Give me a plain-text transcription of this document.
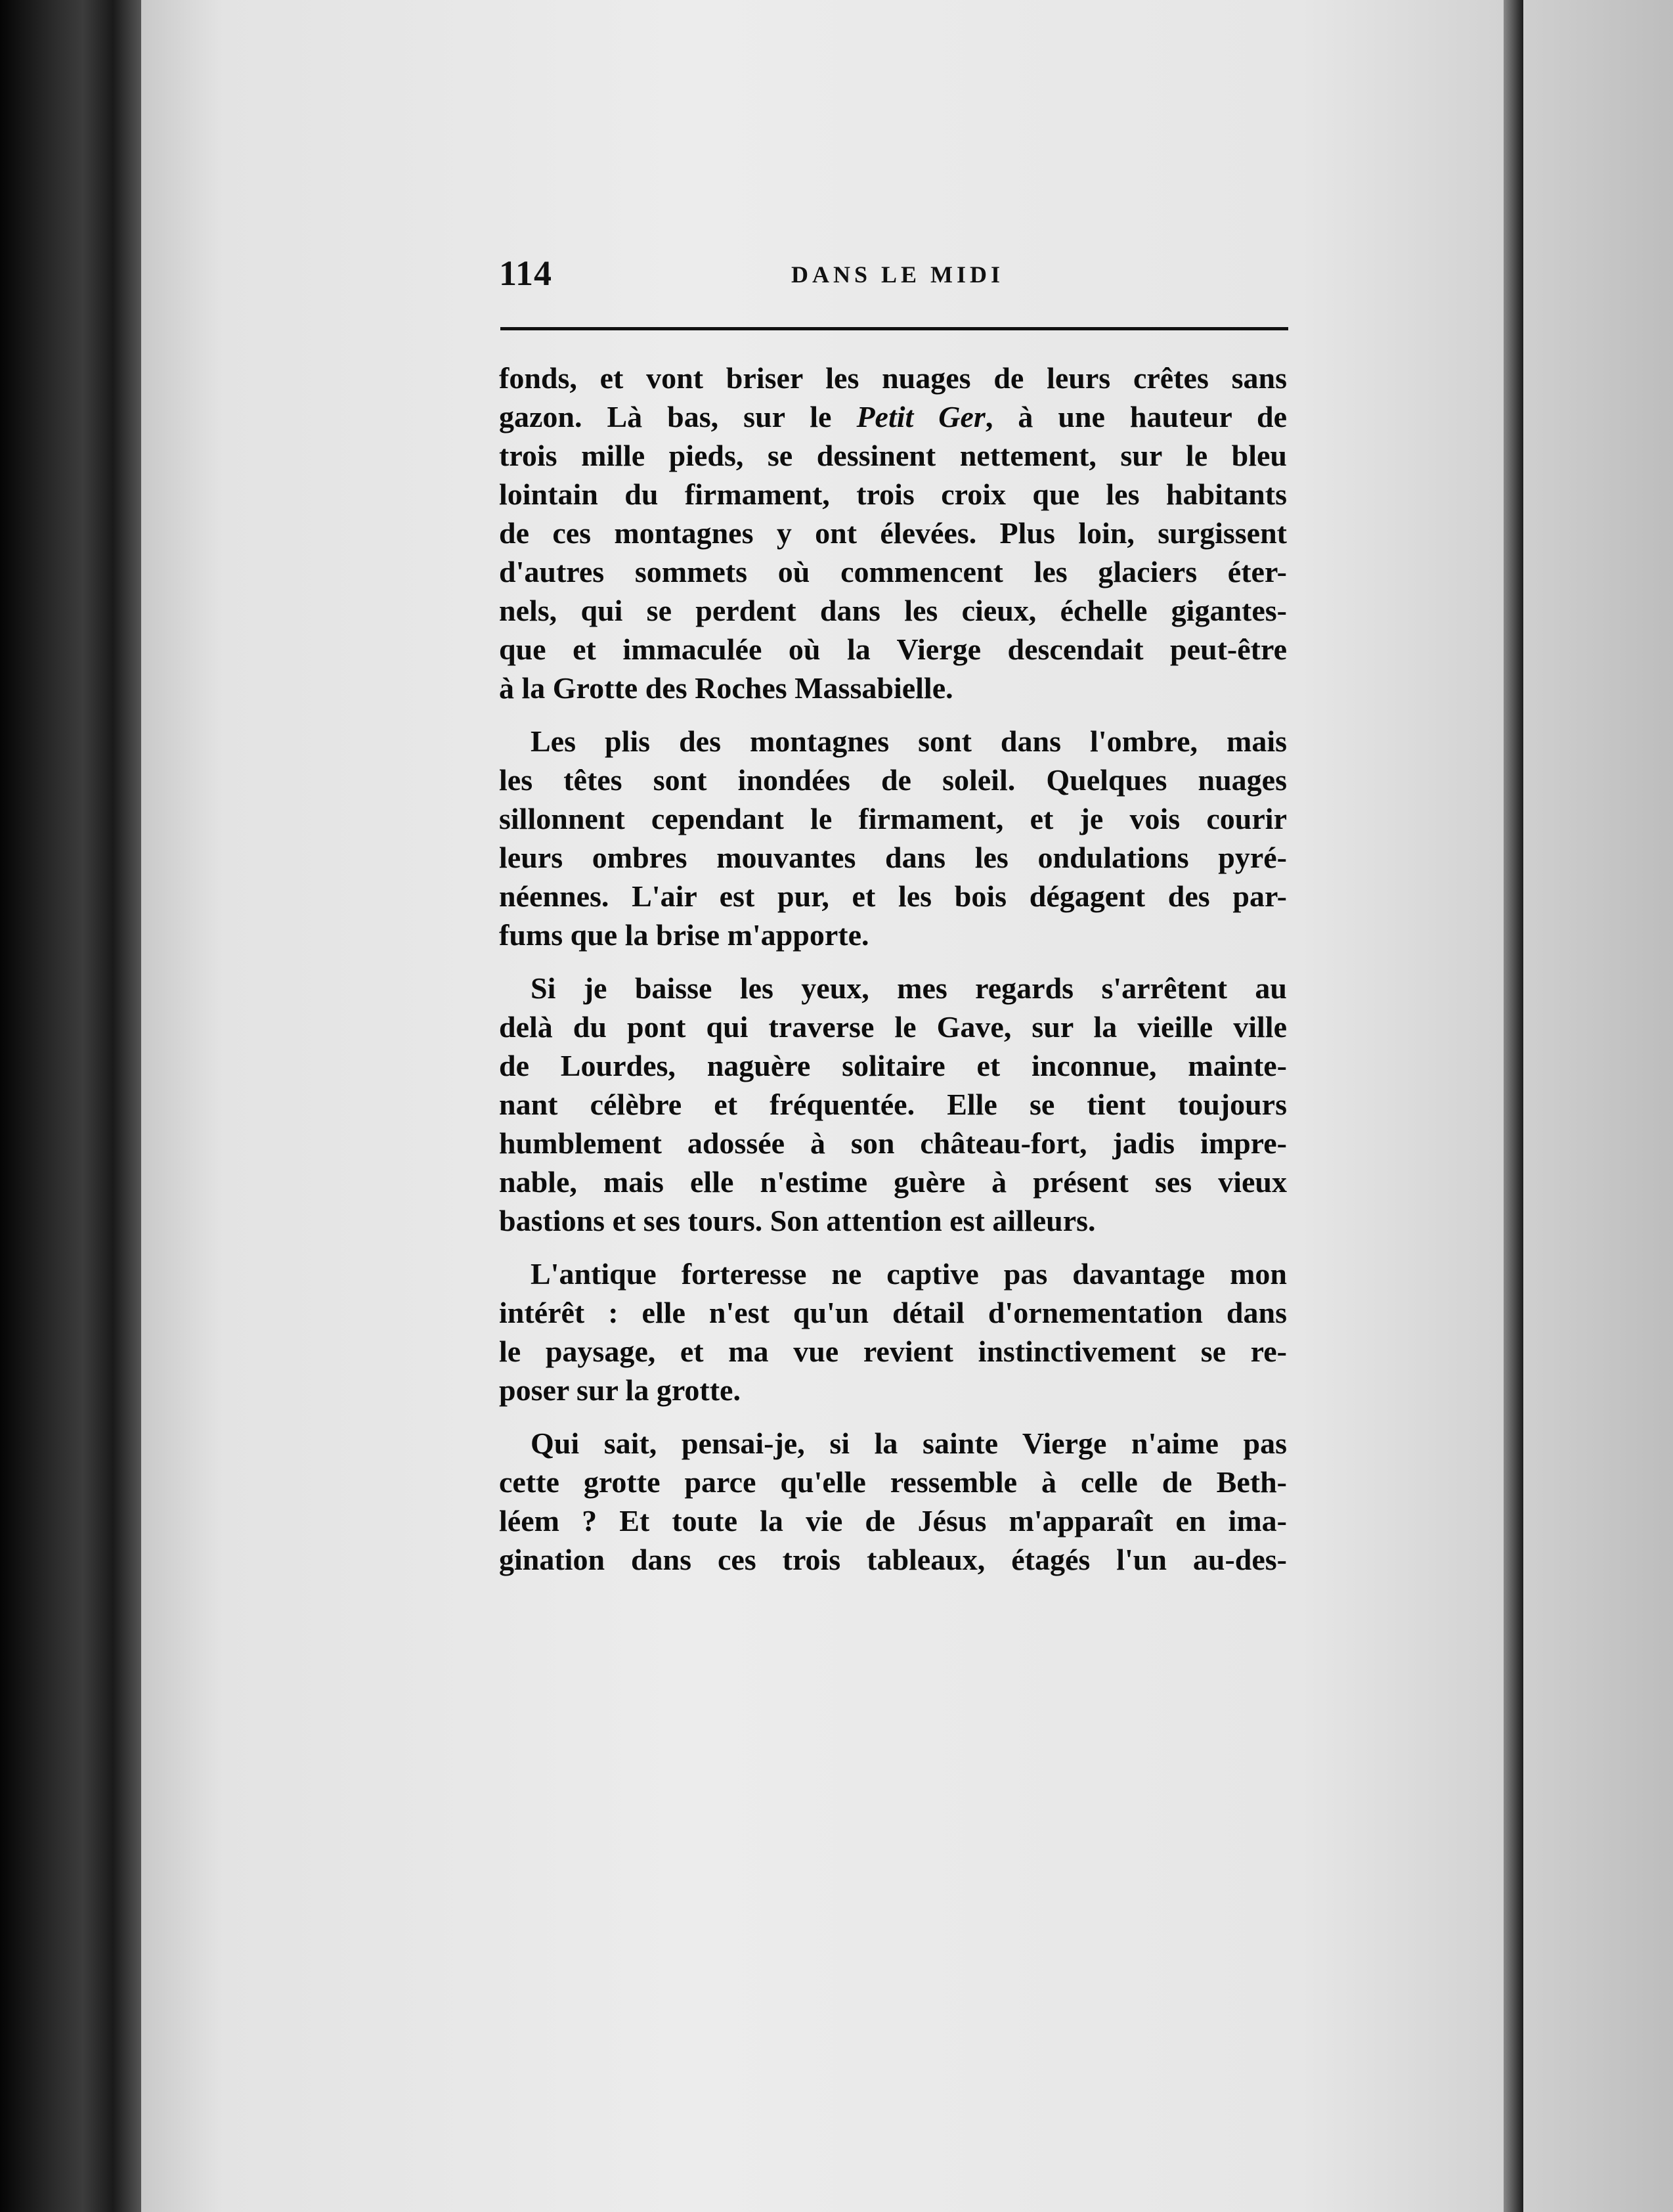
114	DANS LE MIDI
fonds, et vont briser les nuages de leurs crêtes sans
gazon. Là bas, sur le Petit Ger, à une hauteur de
trois mille pieds, se dessinent nettement, sur le bleu
lointain du firmament, trois croix que les habitants
de ces montagnes y ont élevées. Plus loin, surgissent
d'autres sommets où commencent les glaciers éter-
nels, qui se perdent dans les cieux, échelle gigantes-
que et immaculée où la Vierge descendait peut-être
à la Grotte des Roches Massabielle.
Les plis des montagnes sont dans l'ombre, mais
les têtes sont inondées de soleil. Quelques nuages
sillonnent cependant le firmament, et je vois courir
leurs ombres mouvantes dans les ondulations pyré-
néennes. L'air est pur, et les bois dégagent des par-
fums que la brise m'apporte.
Si je baisse les yeux, mes regards s'arrêtent au
delà du pont qui traverse le Gave, sur la vieille ville
de Lourdes, naguère solitaire et inconnue, mainte-
nant célèbre et fréquentée. Elle se tient toujours
humblement adossée à son château-fort, jadis impre-
nable, mais elle n'estime guère à présent ses vieux
bastions et ses tours. Son attention est ailleurs.
L'antique forteresse ne captive pas davantage mon
intérêt : elle n'est qu'un détail d'ornementation dans
le paysage, et ma vue revient instinctivement se re-
poser sur la grotte.
Qui sait, pensai-je, si la sainte Vierge n'aime pas
cette grotte parce qu'elle ressemble à celle de Beth-
léem ? Et toute la vie de Jésus m'apparaît en ima-
gination dans ces trois tableaux, étagés l'un au-des-
